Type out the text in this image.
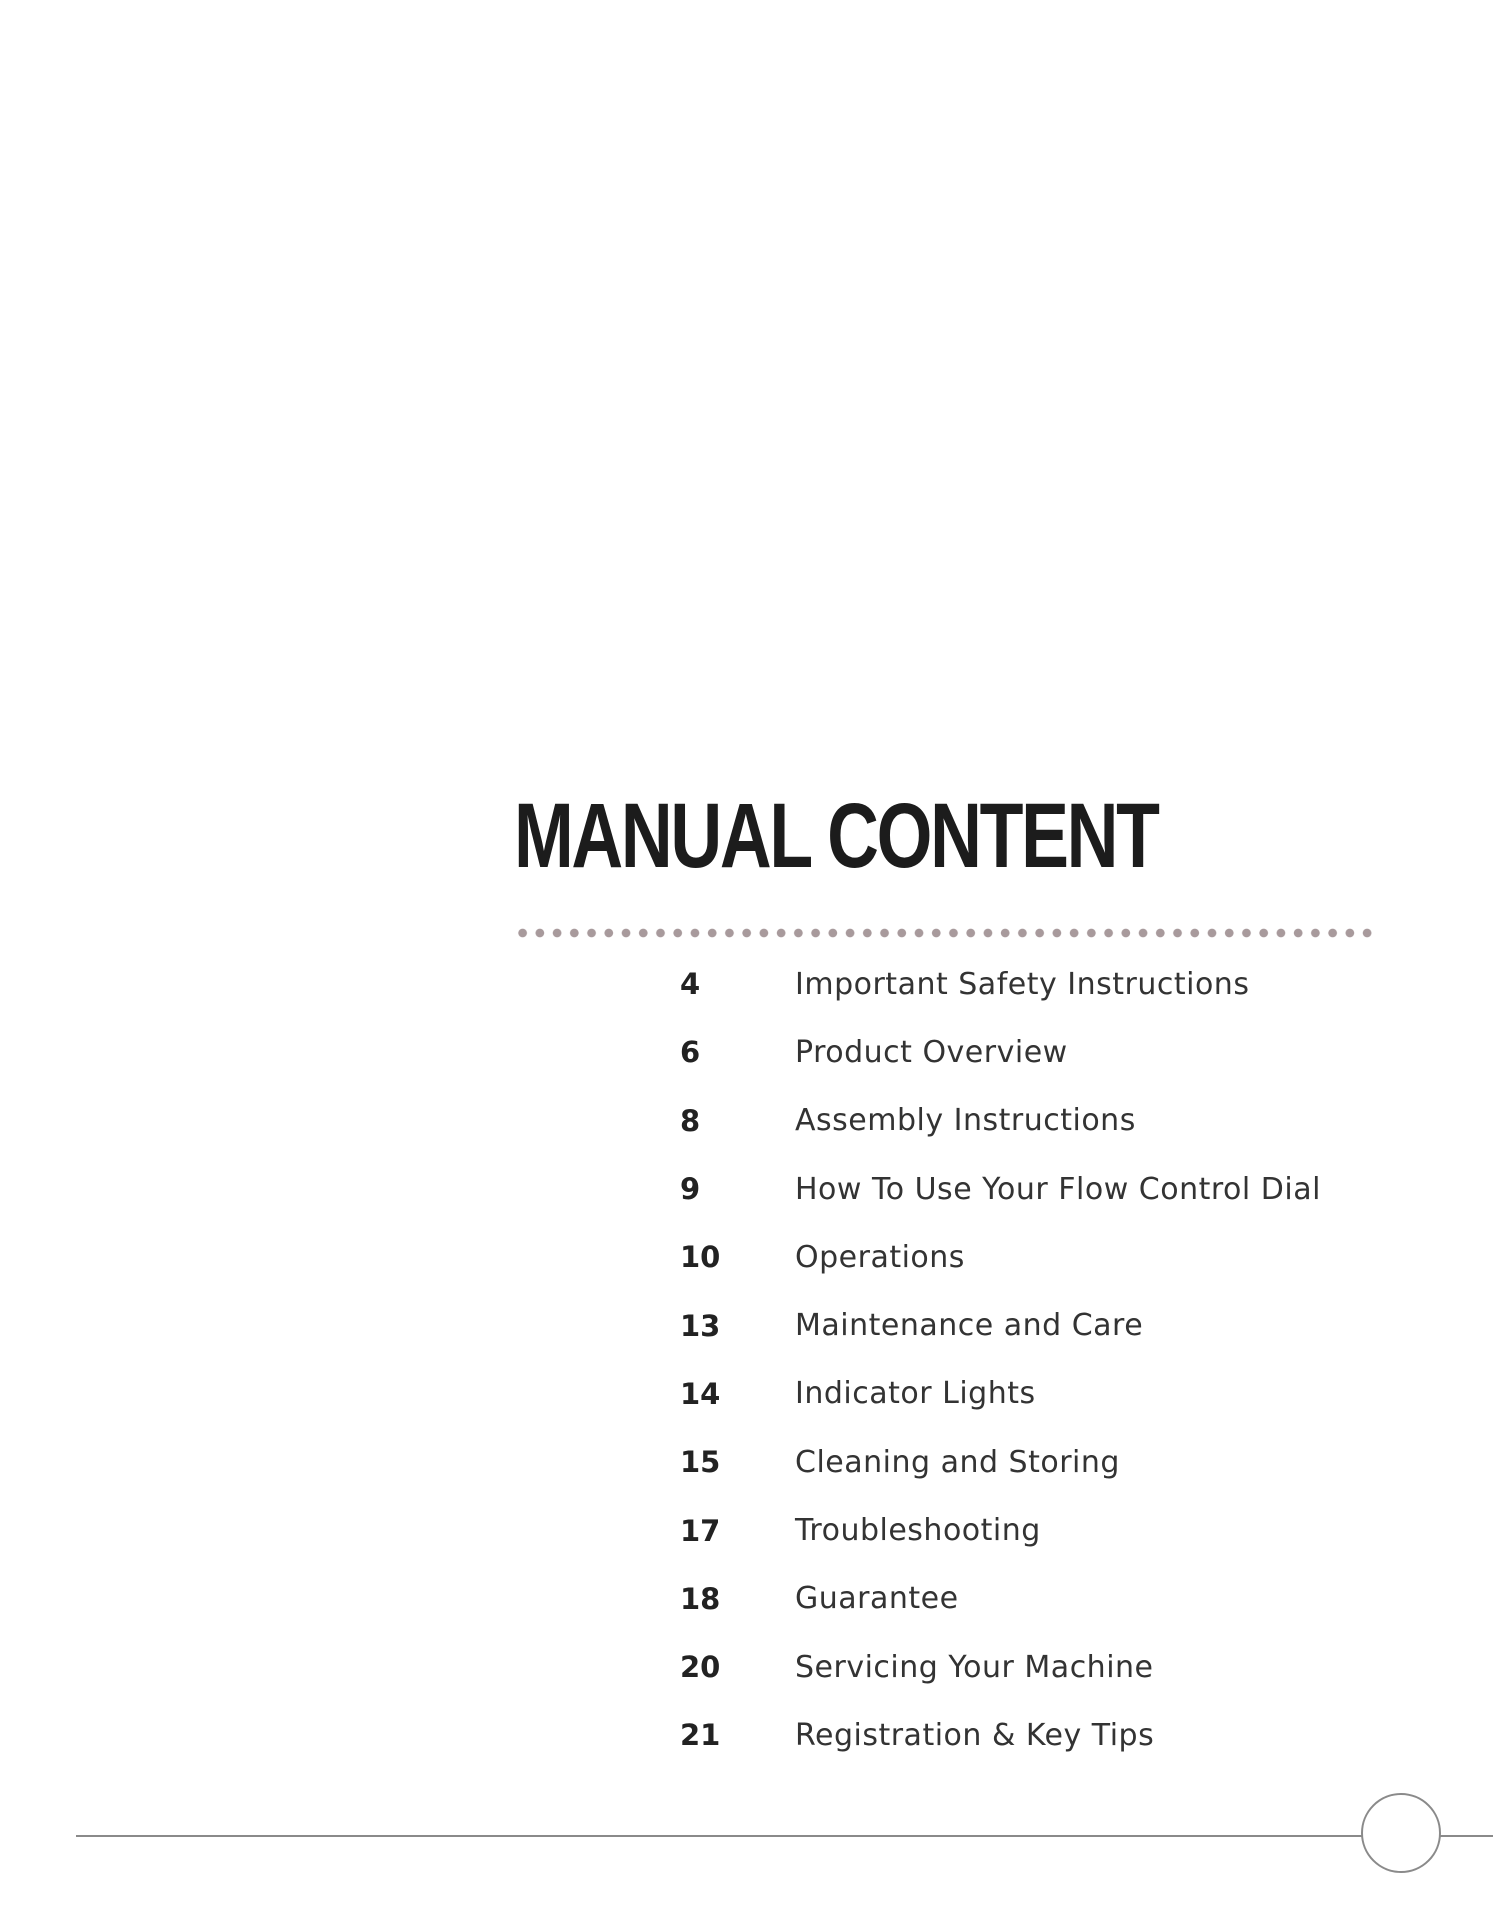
MANUAL CONTENT
4	Important Safety Instructions
6	Product Overview
8	Assembly Instructions
9	How To Use Your Flow Control Dial
10	Operations
13	Maintenance and Care
14	Indicator Lights
15	Cleaning and Storing
17	Troubleshooting
18	Guarantee
20	Servicing Your Machine
21	Registration & Key Tips
